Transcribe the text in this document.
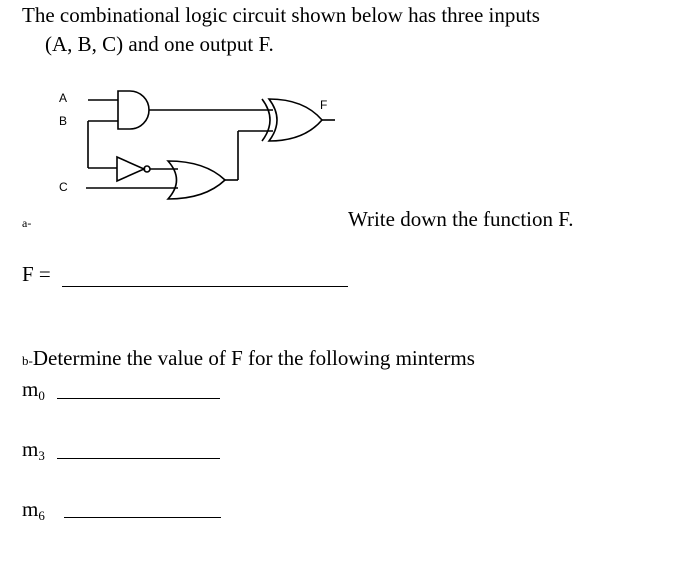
The combinational logic circuit shown below has three inputs
(A, B, C) and one output F.
A
B
C
F
a-	Write down the function F.
F =
b-Determine the value of F for the following minterms
$m_0$
$m_3$
$m_6$
